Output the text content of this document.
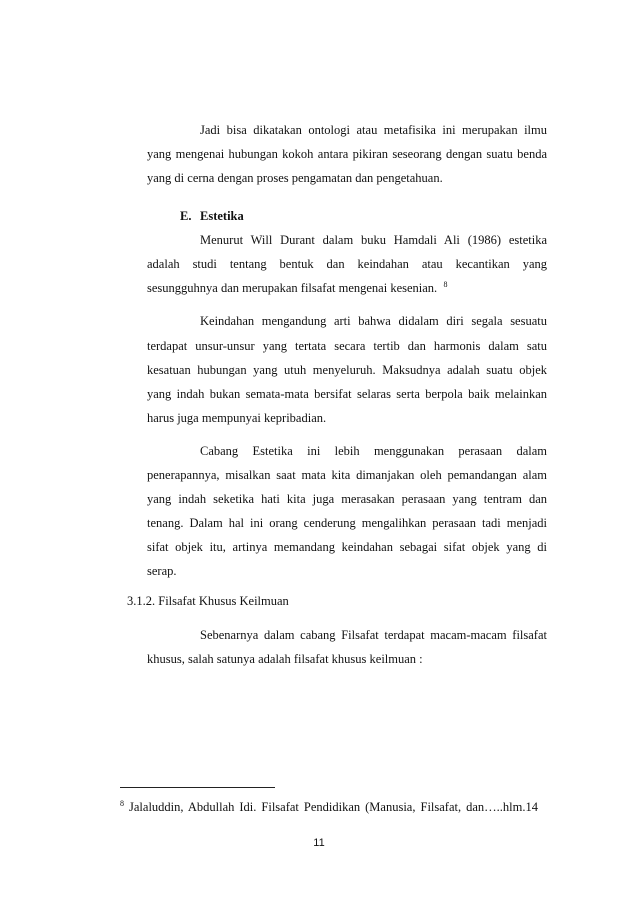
Jadi bisa dikatakan ontologi atau metafisika ini merupakan ilmu
yang mengenai hubungan kokoh antara pikiran seseorang dengan suatu benda
yang di cerna dengan proses pengamatan dan pengetahuan.
E. Estetika
Menurut Will Durant dalam buku Hamdali Ali (1986) estetika
adalah studi tentang bentuk dan keindahan atau kecantikan yang
sesungguhnya dan merupakan filsafat mengenai kesenian. $^8$
Keindahan mengandung arti bahwa didalam diri segala sesuatu
terdapat unsur-unsur yang tertata secara tertib dan harmonis dalam satu
kesatuan hubungan yang utuh menyeluruh. Maksudnya adalah suatu objek
yang indah bukan semata-mata bersifat selaras serta berpola baik melainkan
harus juga mempunyai kepribadian.
Cabang Estetika ini lebih menggunakan perasaan dalam
penerapannya, misalkan saat mata kita dimanjakan oleh pemandangan alam
yang indah seketika hati kita juga merasakan perasaan yang tentram dan
tenang. Dalam hal ini orang cenderung mengalihkan perasaan tadi menjadi
sifat objek itu, artinya memandang keindahan sebagai sifat objek yang di
serap.
3.1.2. Filsafat Khusus Keilmuan
Sebenarnya dalam cabang Filsafat terdapat macam-macam filsafat
khusus, salah satunya adalah filsafat khusus keilmuan :
$^8$ Jalaluddin, Abdullah Idi. Filsafat Pendidikan (Manusia, Filsafat, dan…..hlm.14
11
